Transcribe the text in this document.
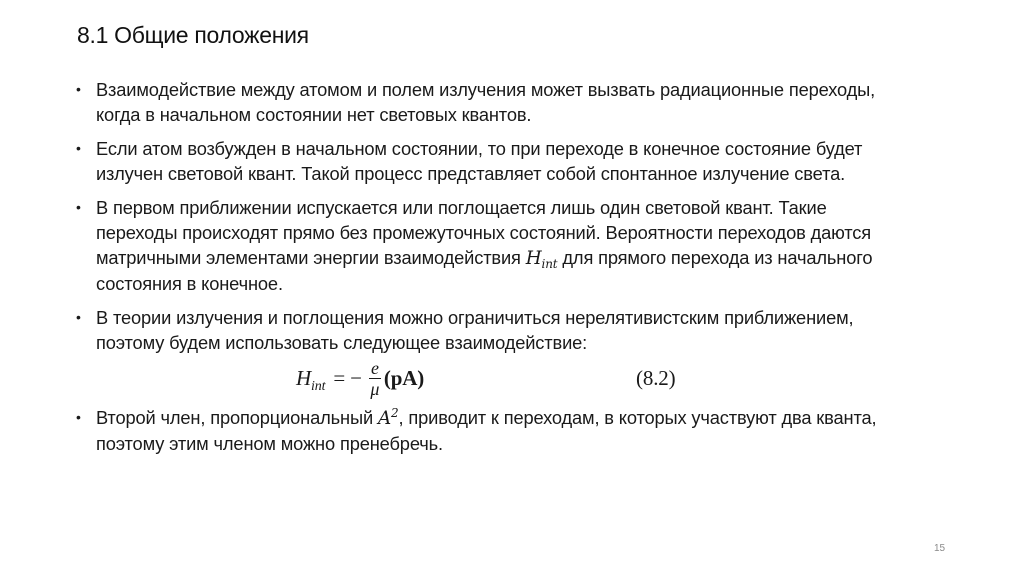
8.1 Общие положения
• Взаимодействие между атомом и полем излучения может вызвать радиационные переходы, когда в начальном состоянии нет световых квантов.
• Если атом возбужден в начальном состоянии, то при переходе в конечное состояние будет излучен световой квант. Такой процесс представляет собой спонтанное излучение света.
• В первом приближении испускается или поглощается лишь один световой квант. Такие переходы происходят прямо без промежуточных состояний. Вероятности переходов даются матричными элементами энергии взаимодействия $H_{int}$ для прямого перехода из начального состояния в конечное.
• В теории излучения и поглощения можно ограничиться нерелятивистским приближением, поэтому будем использовать следующее взаимодействие:
$H_{int}$ = − $\frac{e}{\mu} (pA)$	(8.2)
• Второй член, пропорциональный $A^2$, приводит к переходам, в которых участвуют два кванта, поэтому этим членом можно пренебречь.
15
